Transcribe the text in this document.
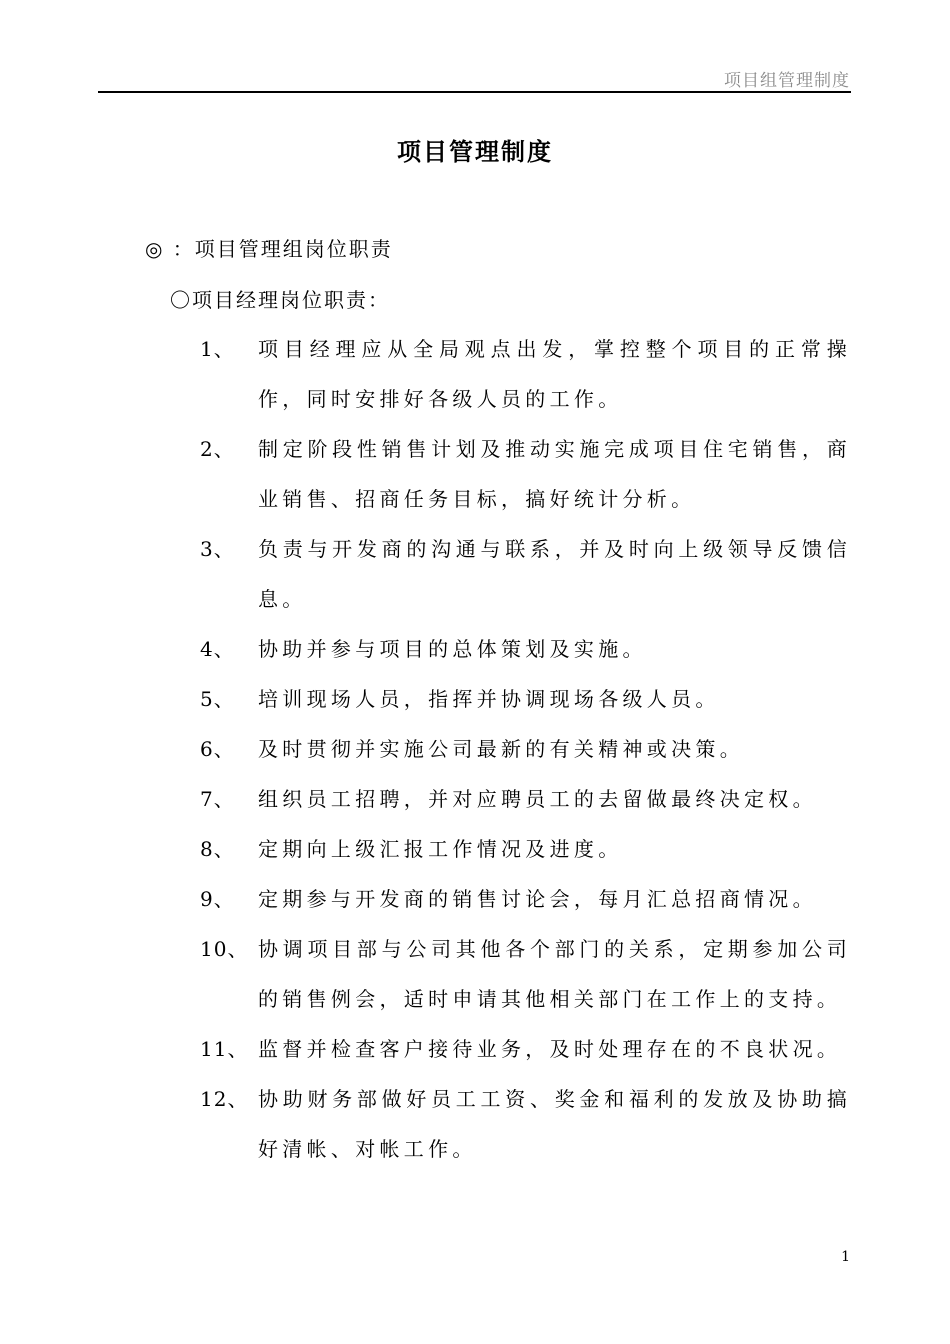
项目组管理制度
项目管理制度
◎ ：项目管理组岗位职责
〇项目经理岗位职责：
1、 项目经理应从全局观点出发，掌控整个项目的正常操作，同时安排好各级人员的工作。
2、 制定阶段性销售计划及推动实施完成项目住宅销售，商业销售、招商任务目标，搞好统计分析。
3、 负责与开发商的沟通与联系，并及时向上级领导反馈信息。
4、 协助并参与项目的总体策划及实施。
5、 培训现场人员，指挥并协调现场各级人员。
6、 及时贯彻并实施公司最新的有关精神或决策。
7、 组织员工招聘，并对应聘员工的去留做最终决定权。
8、 定期向上级汇报工作情况及进度。
9、 定期参与开发商的销售讨论会，每月汇总招商情况。
10、 协调项目部与公司其他各个部门的关系，定期参加公司的销售例会，适时申请其他相关部门在工作上的支持。
11、 监督并检查客户接待业务，及时处理存在的不良状况。
12、 协助财务部做好员工工资、奖金和福利的发放及协助搞好清帐、对帐工作。
1
